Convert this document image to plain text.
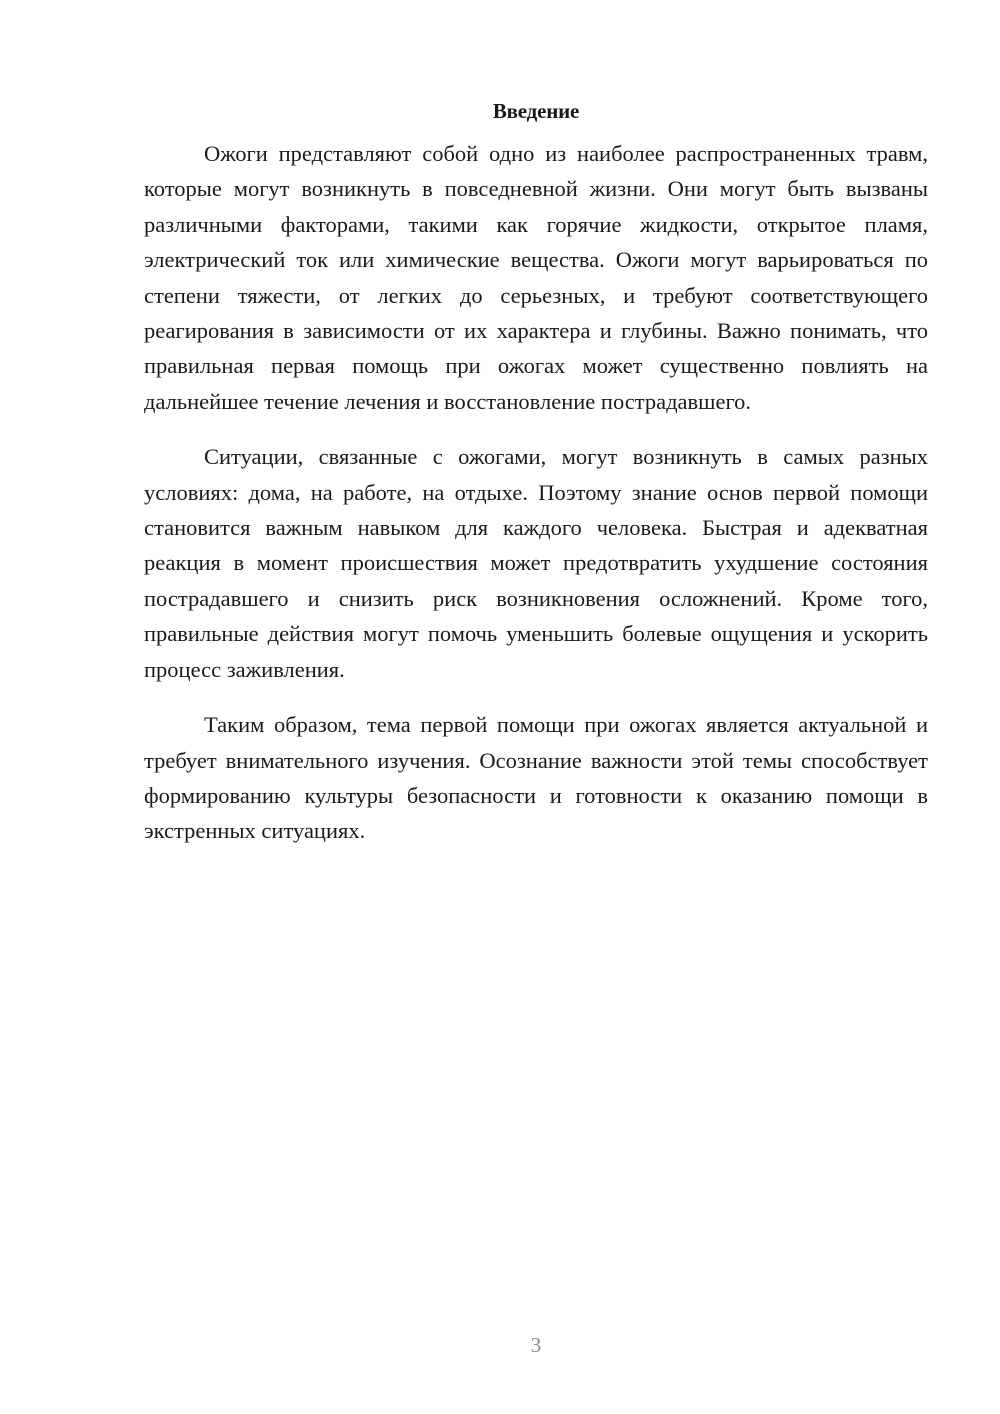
Введение

Ожоги представляют собой одно из наиболее распространенных травм, которые могут возникнуть в повседневной жизни. Они могут быть вызваны различными факторами, такими как горячие жидкости, открытое пламя, электрический ток или химические вещества. Ожоги могут варьироваться по степени тяжести, от легких до серьезных, и требуют соответствующего реагирования в зависимости от их характера и глубины. Важно понимать, что правильная первая помощь при ожогах может существенно повлиять на дальнейшее течение лечения и восстановление пострадавшего.

Ситуации, связанные с ожогами, могут возникнуть в самых разных условиях: дома, на работе, на отдыхе. Поэтому знание основ первой помощи становится важным навыком для каждого человека. Быстрая и адекватная реакция в момент происшествия может предотвратить ухудшение состояния пострадавшего и снизить риск возникновения осложнений. Кроме того, правильные действия могут помочь уменьшить болевые ощущения и ускорить процесс заживления.

Таким образом, тема первой помощи при ожогах является актуальной и требует внимательного изучения. Осознание важности этой темы способствует формированию культуры безопасности и готовности к оказанию помощи в экстренных ситуациях.

3
